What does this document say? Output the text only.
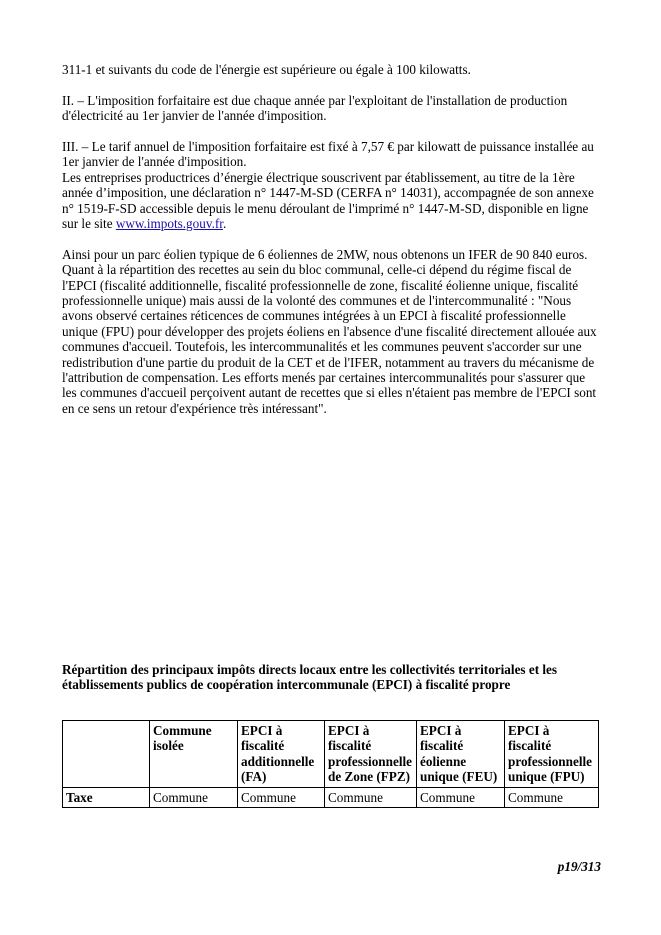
311-1 et suivants du code de l'énergie est supérieure ou égale à 100 kilowatts.

II. – L'imposition forfaitaire est due chaque année par l'exploitant de l'installation de production d'électricité au 1er janvier de l'année d'imposition.

III. – Le tarif annuel de l'imposition forfaitaire est fixé à 7,57 € par kilowatt de puissance installée au 1er janvier de l'année d'imposition.

Les entreprises productrices d’énergie électrique souscrivent par établissement, au titre de la 1ère année d’imposition, une déclaration n° 1447-M-SD (CERFA n° 14031), accompagnée de son annexe n° 1519-F-SD accessible depuis le menu déroulant de l'imprimé n° 1447-M-SD, disponible en ligne sur le site www.impots.gouv.fr.

Ainsi pour un parc éolien typique de 6 éoliennes de 2MW, nous obtenons un IFER de 90 840 euros. Quant à la répartition des recettes au sein du bloc communal, celle-ci dépend du régime fiscal de l'EPCI (fiscalité additionnelle, fiscalité professionnelle de zone, fiscalité éolienne unique, fiscalité professionnelle unique) mais aussi de la volonté des communes et de l'intercommunalité : "Nous avons observé certaines réticences de communes intégrées à un EPCI à fiscalité professionnelle unique (FPU) pour développer des projets éoliens en l'absence d'une fiscalité directement allouée aux communes d'accueil. Toutefois, les intercommunalités et les communes peuvent s'accorder sur une redistribution d'une partie du produit de la CET et de l'IFER, notamment au travers du mécanisme de l'attribution de compensation. Les efforts menés par certaines intercommunalités pour s'assurer que les communes d'accueil perçoivent autant de recettes que si elles n'étaient pas membre de l'EPCI sont en ce sens un retour d'expérience très intéressant".

Répartition des principaux impôts directs locaux entre les collectivités territoriales et les établissements publics de coopération intercommunale (EPCI) à fiscalité propre
	Commune isolée	EPCI à fiscalité additionnelle (FA)	EPCI à fiscalité professionnelle de Zone (FPZ)	EPCI à fiscalité éolienne unique (FEU)	EPCI à fiscalité professionnelle unique (FPU)
Taxe	Commune	Commune	Commune	Commune	Commune
p19/313
